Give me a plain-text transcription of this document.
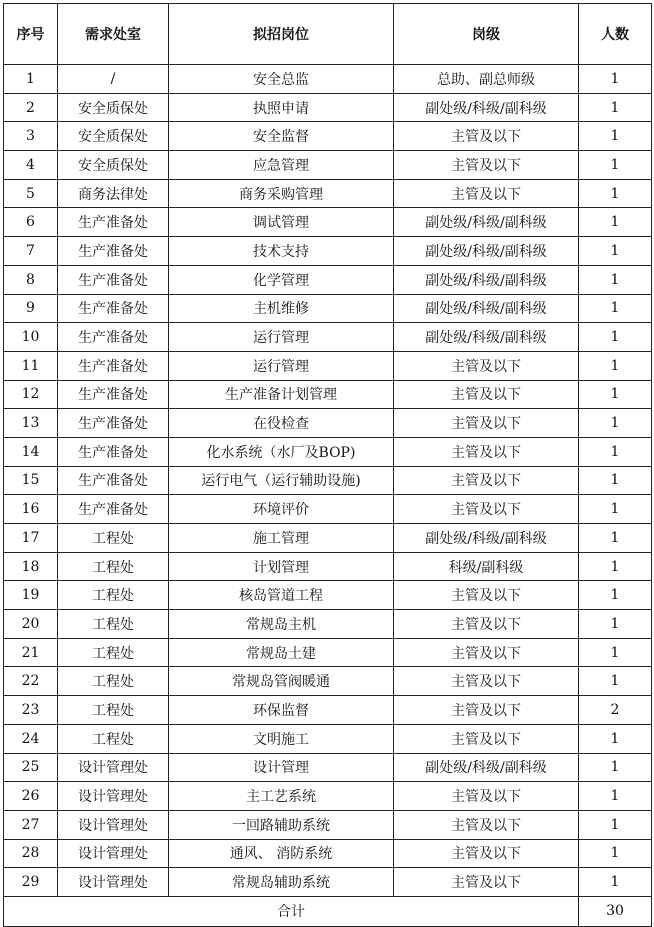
序号	需求处室	拟招岗位	岗级	人数
1	/	安全总监	总助、副总师级	1
2	安全质保处	执照申请	副处级/科级/副科级	1
3	安全质保处	安全监督	主管及以下	1
4	安全质保处	应急管理	主管及以下	1
5	商务法律处	商务采购管理	主管及以下	1
6	生产准备处	调试管理	副处级/科级/副科级	1
7	生产准备处	技术支持	副处级/科级/副科级	1
8	生产准备处	化学管理	副处级/科级/副科级	1
9	生产准备处	主机维修	副处级/科级/副科级	1
10	生产准备处	运行管理	副处级/科级/副科级	1
11	生产准备处	运行管理	主管及以下	1
12	生产准备处	生产准备计划管理	主管及以下	1
13	生产准备处	在役检查	主管及以下	1
14	生产准备处	化水系统（水厂及BOP)	主管及以下	1
15	生产准备处	运行电气（运行辅助设施)	主管及以下	1
16	生产准备处	环境评价	主管及以下	1
17	工程处	施工管理	副处级/科级/副科级	1
18	工程处	计划管理	科级/副科级	1
19	工程处	核岛管道工程	主管及以下	1
20	工程处	常规岛主机	主管及以下	1
21	工程处	常规岛土建	主管及以下	1
22	工程处	常规岛管阀暖通	主管及以下	1
23	工程处	环保监督	主管及以下	2
24	工程处	文明施工	主管及以下	1
25	设计管理处	设计管理	副处级/科级/副科级	1
26	设计管理处	主工艺系统	主管及以下	1
27	设计管理处	一回路辅助系统	主管及以下	1
28	设计管理处	通风、 消防系统	主管及以下	1
29	设计管理处	常规岛辅助系统	主管及以下	1
合计				30
